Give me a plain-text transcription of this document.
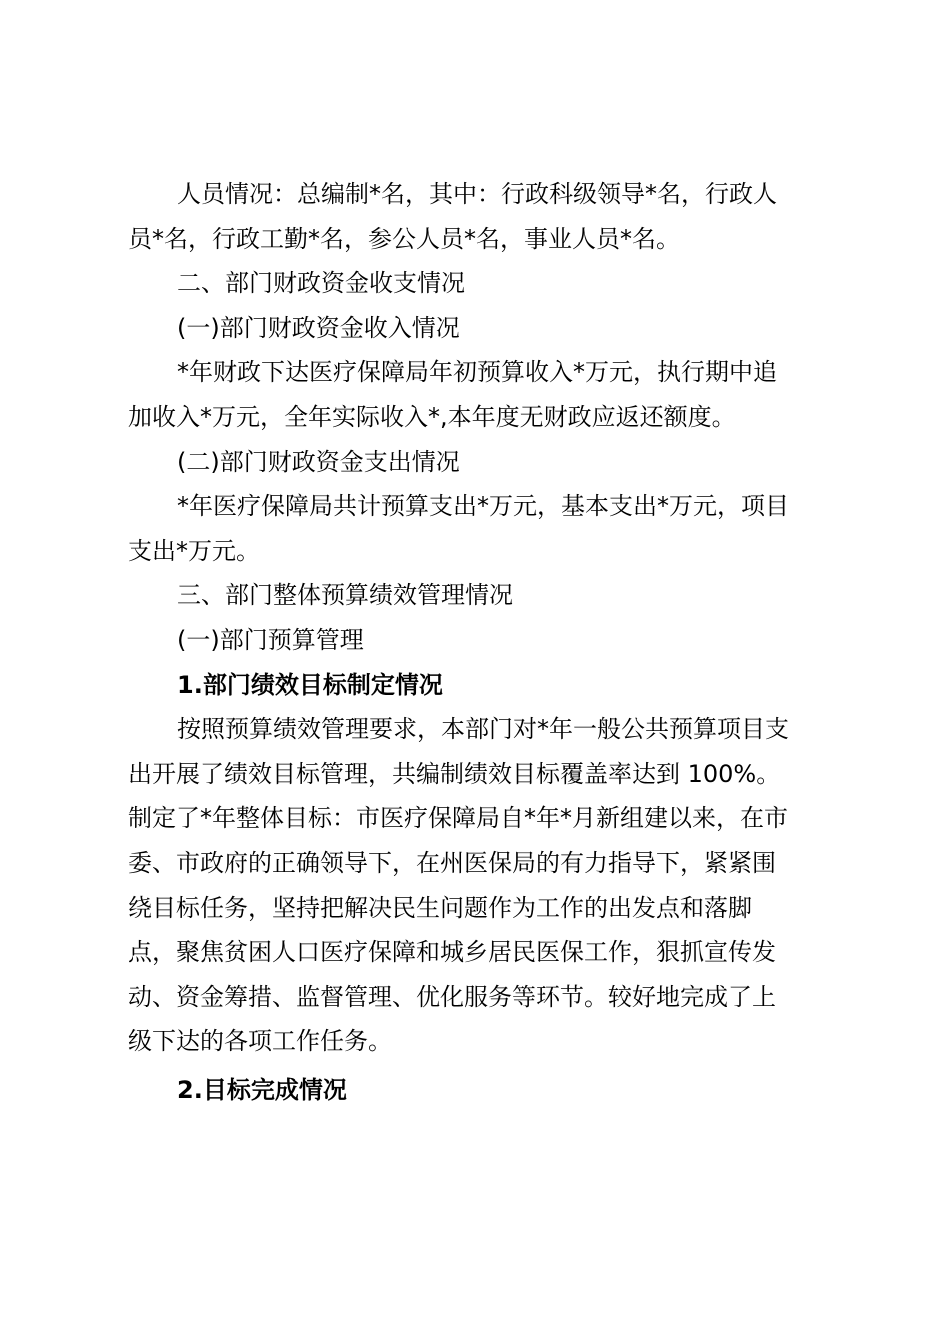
人员情况：总编制*名，其中：行政科级领导*名，行政人
员*名，行政工勤*名，参公人员*名，事业人员*名。
二、部门财政资金收支情况
(一)部门财政资金收入情况
*年财政下达医疗保障局年初预算收入*万元，执行期中追
加收入*万元，全年实际收入*,本年度无财政应返还额度。
(二)部门财政资金支出情况
*年医疗保障局共计预算支出*万元，基本支出*万元，项目
支出*万元。
三、部门整体预算绩效管理情况
(一)部门预算管理
1.部门绩效目标制定情况
按照预算绩效管理要求，本部门对*年一般公共预算项目支
出开展了绩效目标管理，共编制绩效目标覆盖率达到 100%。
制定了*年整体目标：市医疗保障局自*年*月新组建以来，在市
委、市政府的正确领导下，在州医保局的有力指导下，紧紧围
绕目标任务，坚持把解决民生问题作为工作的出发点和落脚
点，聚焦贫困人口医疗保障和城乡居民医保工作，狠抓宣传发
动、资金筹措、监督管理、优化服务等环节。较好地完成了上
级下达的各项工作任务。
2.目标完成情况
